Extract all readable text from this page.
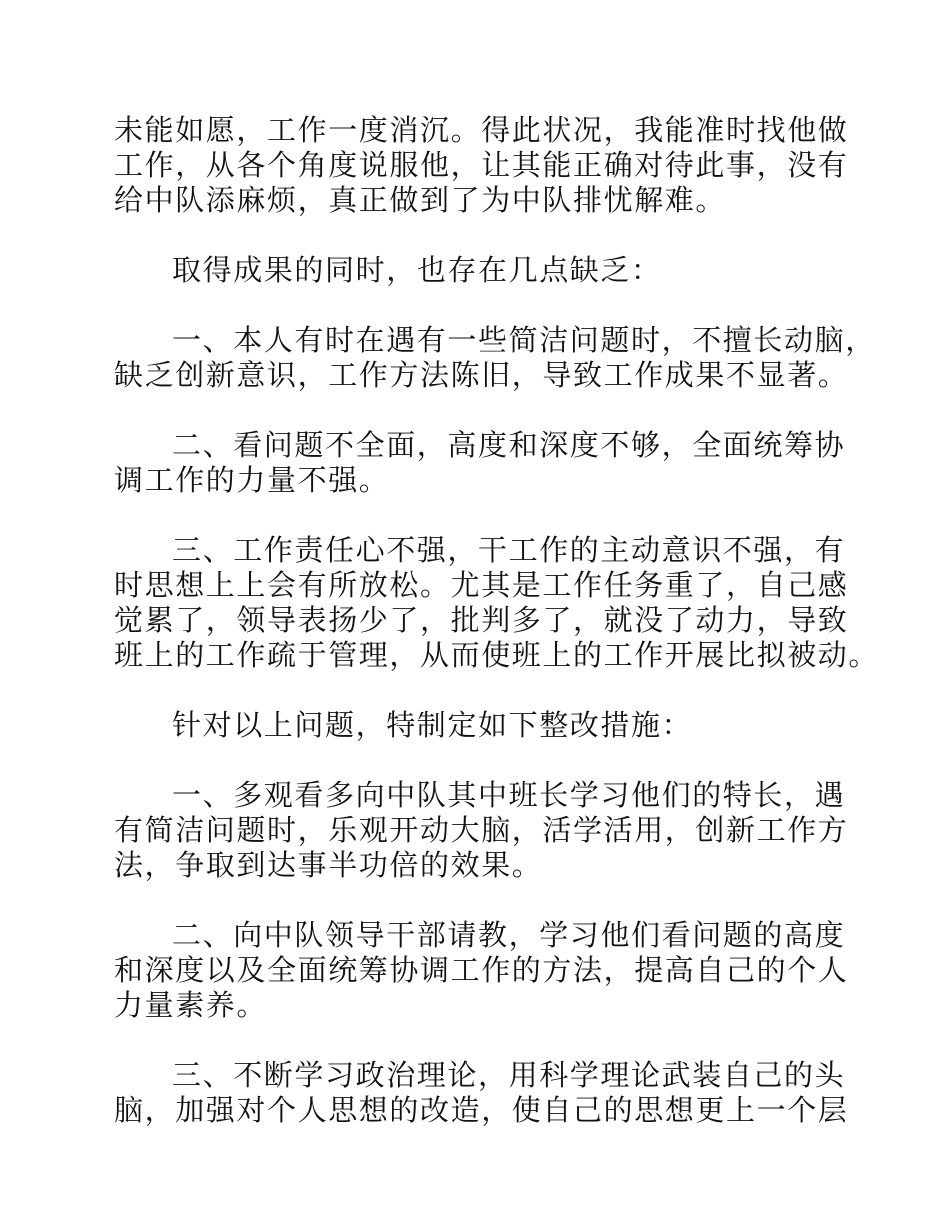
未能如愿，工作一度消沉。得此状况，我能准时找他做
工作，从各个角度说服他，让其能正确对待此事，没有
给中队添麻烦，真正做到了为中队排忧解难。

取得成果的同时，也存在几点缺乏：

一、本人有时在遇有一些简洁问题时，不擅长动脑，
缺乏创新意识，工作方法陈旧，导致工作成果不显著。

二、看问题不全面，高度和深度不够，全面统筹协
调工作的力量不强。

三、工作责任心不强，干工作的主动意识不强，有
时思想上上会有所放松。尤其是工作任务重了，自己感
觉累了，领导表扬少了，批判多了，就没了动力，导致
班上的工作疏于管理，从而使班上的工作开展比拟被动。

针对以上问题，特制定如下整改措施：

一、多观看多向中队其中班长学习他们的特长，遇
有简洁问题时，乐观开动大脑，活学活用，创新工作方
法，争取到达事半功倍的效果。

二、向中队领导干部请教，学习他们看问题的高度
和深度以及全面统筹协调工作的方法，提高自己的个人
力量素养。

三、不断学习政治理论，用科学理论武装自己的头
脑，加强对个人思想的改造，使自己的思想更上一个层
